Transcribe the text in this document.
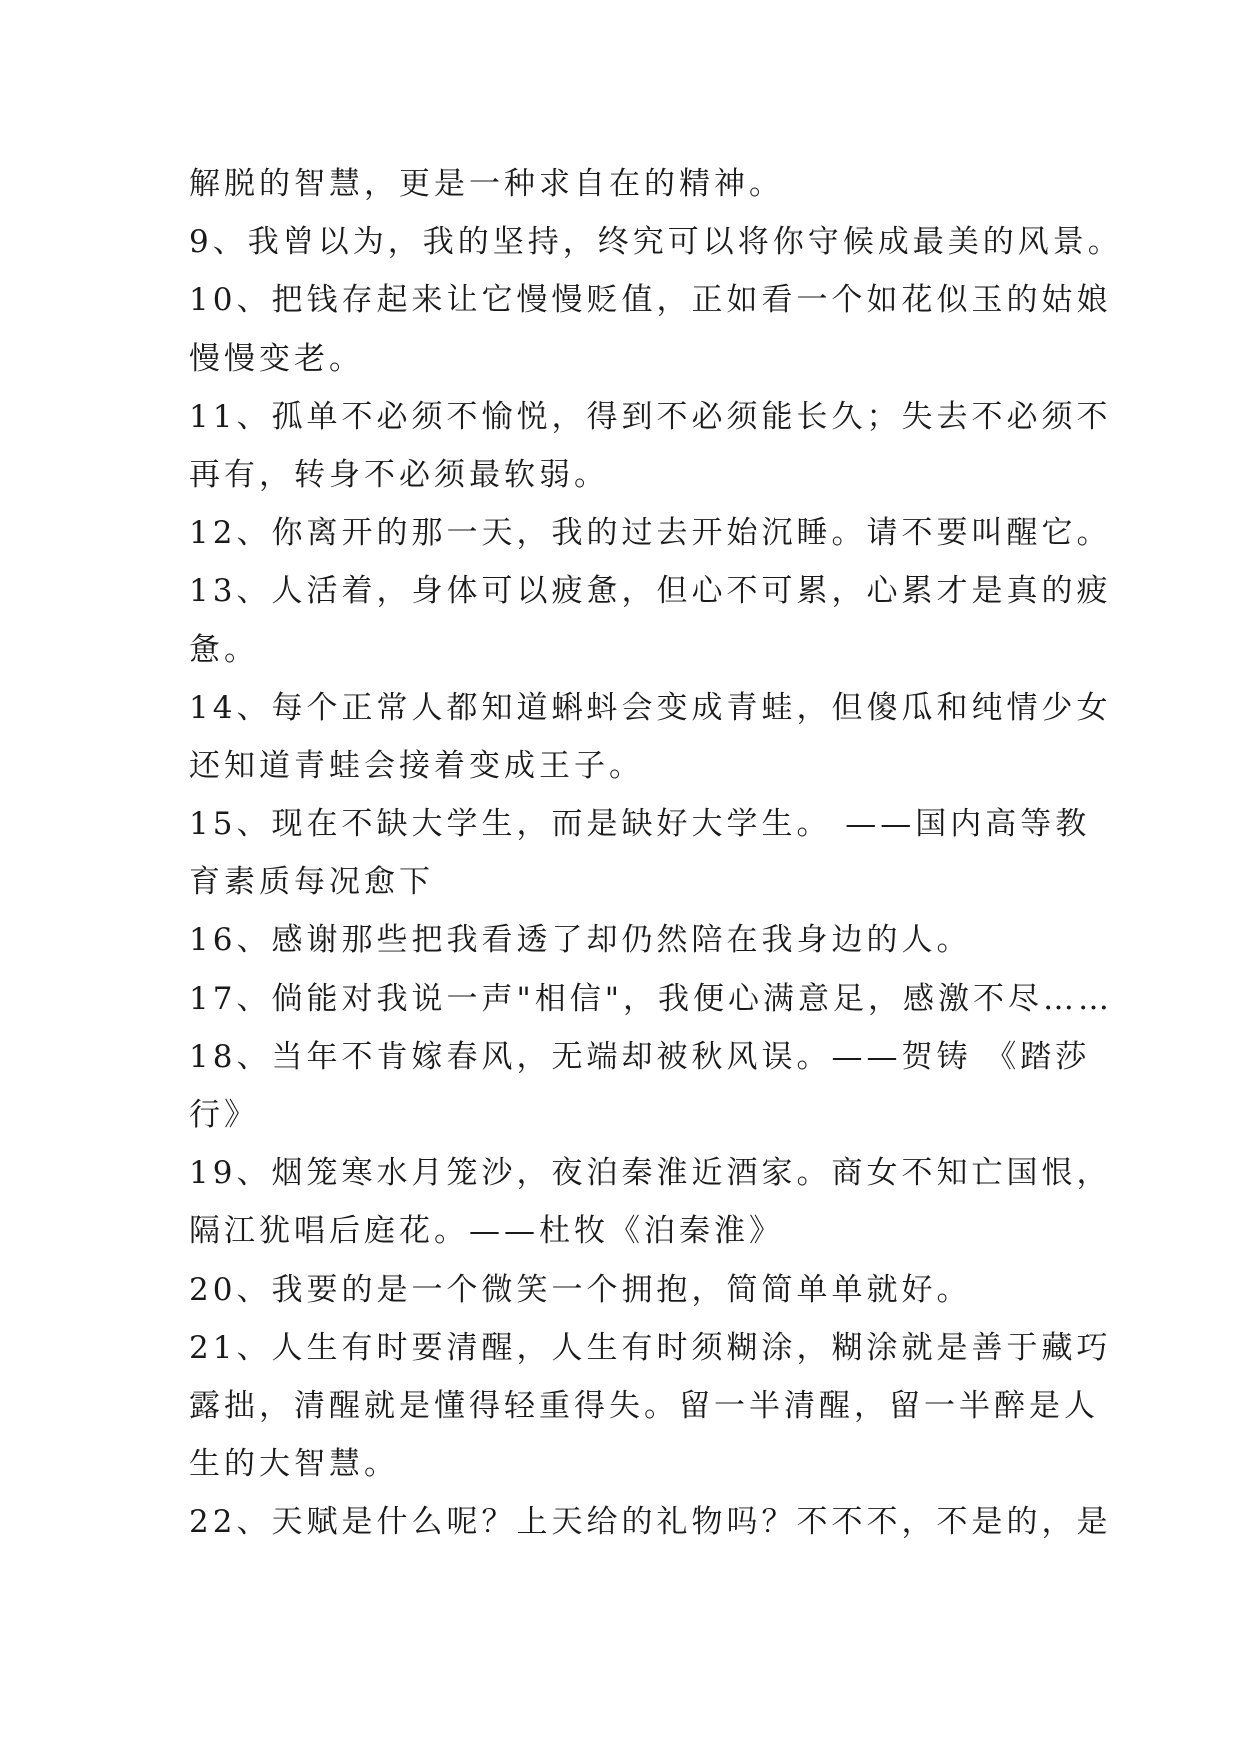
解脱的智慧，更是一种求自在的精神。
9、我曾以为，我的坚持，终究可以将你守候成最美的风景。
10、把钱存起来让它慢慢贬值，正如看一个如花似玉的姑娘
慢慢变老。
11、孤单不必须不愉悦，得到不必须能长久；失去不必须不
再有，转身不必须最软弱。
12、你离开的那一天，我的过去开始沉睡。请不要叫醒它。
13、人活着，身体可以疲惫，但心不可累，心累才是真的疲
惫。
14、每个正常人都知道蝌蚪会变成青蛙，但傻瓜和纯情少女
还知道青蛙会接着变成王子。
15、现在不缺大学生，而是缺好大学生。 ——国内高等教
育素质每况愈下
16、感谢那些把我看透了却仍然陪在我身边的人。
17、倘能对我说一声"相信"，我便心满意足，感激不尽……
18、当年不肯嫁春风，无端却被秋风误。——贺铸 《踏莎
行》
19、烟笼寒水月笼沙，夜泊秦淮近酒家。商女不知亡国恨，
隔江犹唱后庭花。——杜牧《泊秦淮》
20、我要的是一个微笑一个拥抱，简简单单就好。
21、人生有时要清醒，人生有时须糊涂，糊涂就是善于藏巧
露拙，清醒就是懂得轻重得失。留一半清醒，留一半醉是人
生的大智慧。
22、天赋是什么呢？上天给的礼物吗？不不不，不是的，是
